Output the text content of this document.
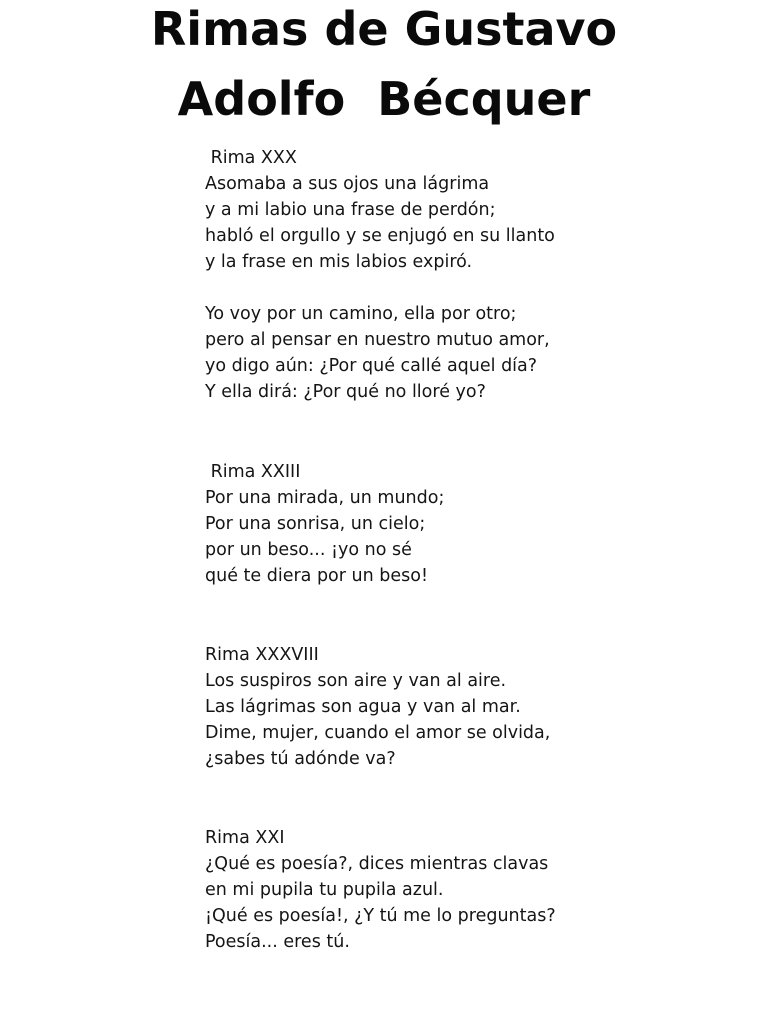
Rimas de Gustavo
Adolfo  Bécquer
Rima XXX
Asomaba a sus ojos una lágrima
y a mi labio una frase de perdón;
habló el orgullo y se enjugó en su llanto
y la frase en mis labios expiró.
Yo voy por un camino, ella por otro;
pero al pensar en nuestro mutuo amor,
yo digo aún: ¿Por qué callé aquel día?
Y ella dirá: ¿Por qué no lloré yo?
Rima XXIII
Por una mirada, un mundo;
Por una sonrisa, un cielo;
por un beso... ¡yo no sé
qué te diera por un beso!
Rima XXXVIII
Los suspiros son aire y van al aire.
Las lágrimas son agua y van al mar.
Dime, mujer, cuando el amor se olvida,
¿sabes tú adónde va?
Rima XXI
¿Qué es poesía?, dices mientras clavas
en mi pupila tu pupila azul.
¡Qué es poesía!, ¿Y tú me lo preguntas?
Poesía... eres tú.
